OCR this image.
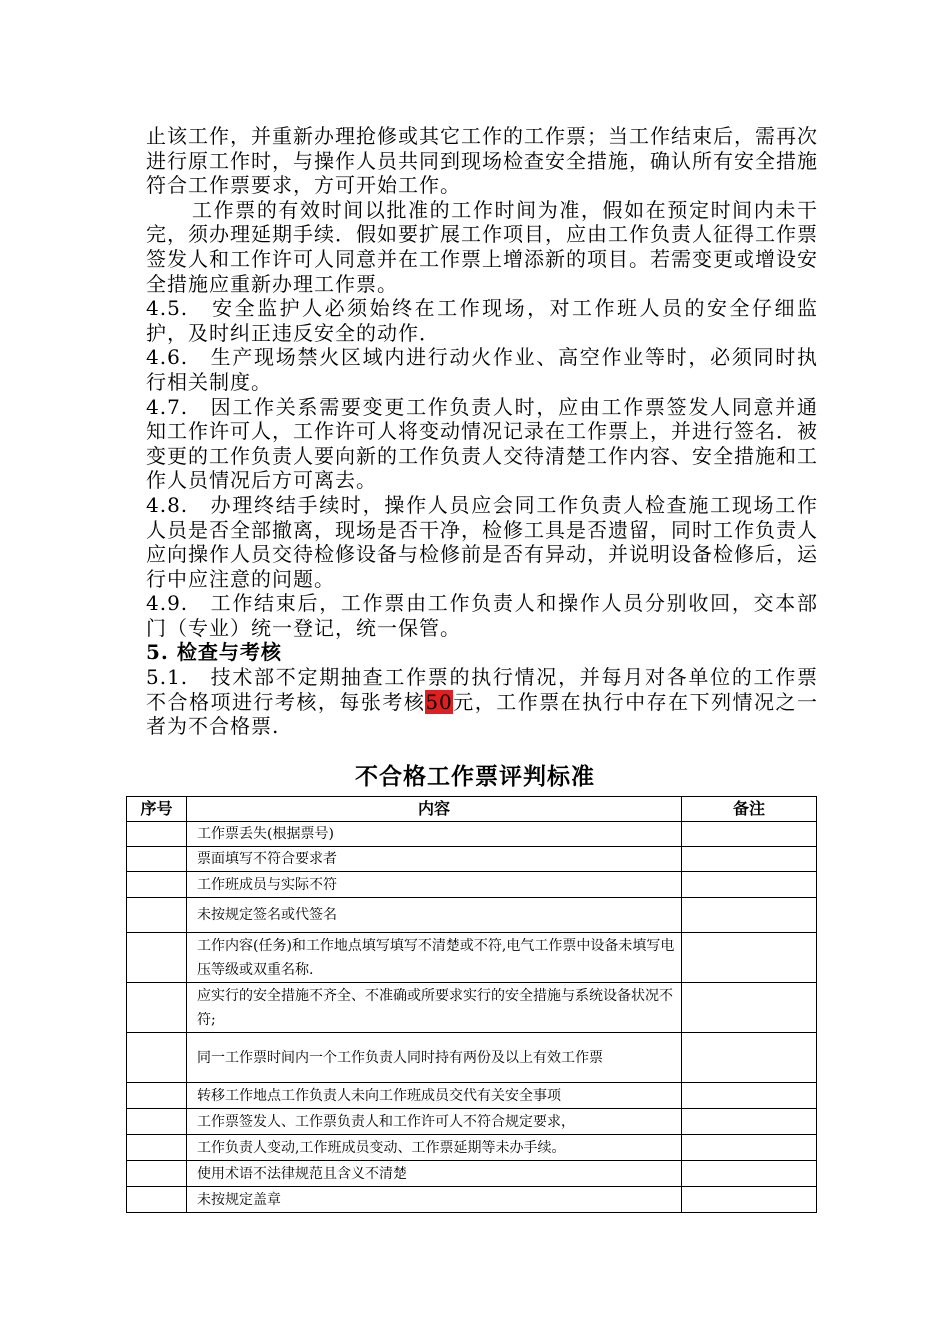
止该工作，并重新办理抢修或其它工作的工作票；当工作结束后，需再次进行原工作时，与操作人员共同到现场检查安全措施，确认所有安全措施符合工作票要求，方可开始工作。

工作票的有效时间以批准的工作时间为准，假如在预定时间内未干完，须办理延期手续．假如要扩展工作项目，应由工作负责人征得工作票签发人和工作许可人同意并在工作票上增添新的项目。若需变更或增设安全措施应重新办理工作票。

4.5.　安全监护人必须始终在工作现场，对工作班人员的安全仔细监护，及时纠正违反安全的动作．

4.6.　生产现场禁火区域内进行动火作业、高空作业等时，必须同时执行相关制度。

4.7.　因工作关系需要变更工作负责人时，应由工作票签发人同意并通知工作许可人，工作许可人将变动情况记录在工作票上，并进行签名．被变更的工作负责人要向新的工作负责人交待清楚工作内容、安全措施和工作人员情况后方可离去。

4.8.　办理终结手续时，操作人员应会同工作负责人检查施工现场工作人员是否全部撤离，现场是否干净，检修工具是否遗留，同时工作负责人应向操作人员交待检修设备与检修前是否有异动，并说明设备检修后，运行中应注意的问题。

4.9.　工作结束后，工作票由工作负责人和操作人员分别收回，交本部门（专业）统一登记，统一保管。

5. 检查与考核

5.1.　技术部不定期抽查工作票的执行情况，并每月对各单位的工作票不合格项进行考核，每张考核50元，工作票在执行中存在下列情况之一者为不合格票.

不合格工作票评判标准
序号	内容	备注
	工作票丢失(根据票号)	
	票面填写不符合要求者	
	工作班成员与实际不符	
	未按规定签名或代签名	
	工作内容(任务)和工作地点填写填写不清楚或不符,电气工作票中设备未填写电压等级或双重名称.	
	应实行的安全措施不齐全、不准确或所要求实行的安全措施与系统设备状况不符;	
	同一工作票时间内一个工作负责人同时持有两份及以上有效工作票	
	转移工作地点工作负责人未向工作班成员交代有关安全事项	
	工作票签发人、工作票负责人和工作许可人不符合规定要求，	
	工作负责人变动,工作班成员变动、工作票延期等未办手续。	
	使用术语不法律规范且含义不清楚	
	未按规定盖章	
